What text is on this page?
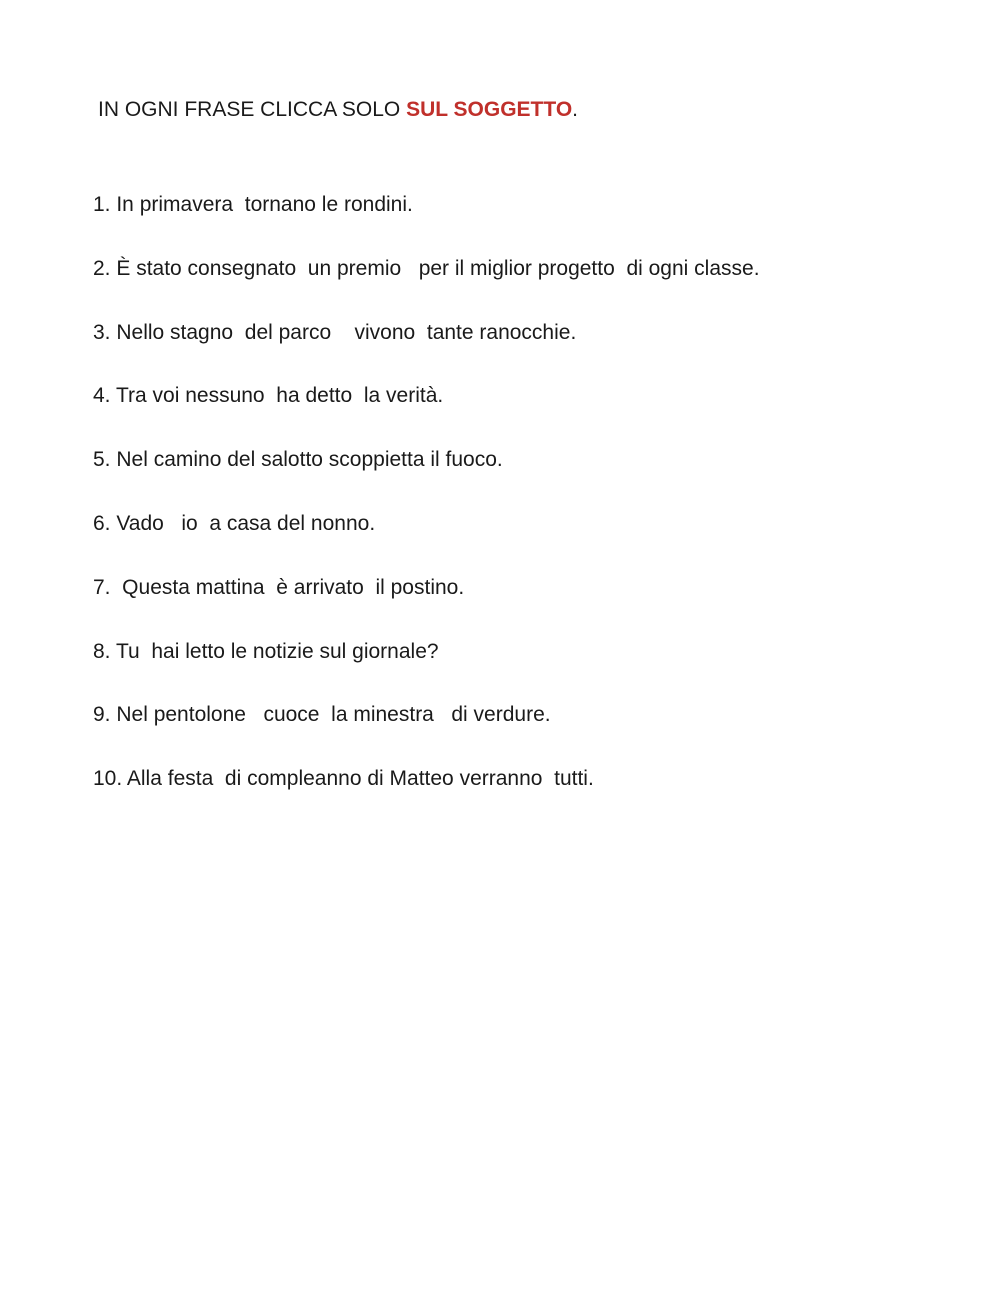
IN OGNI FRASE CLICCA SOLO SUL SOGGETTO.
1. In primavera  tornano le rondini.
2. È stato consegnato  un premio   per il miglior progetto  di ogni classe.
3. Nello stagno  del parco    vivono  tante ranocchie.
4. Tra voi nessuno  ha detto  la verità.
5. Nel camino del salotto scoppietta il fuoco.
6. Vado   io  a casa del nonno.
7.  Questa mattina  è arrivato  il postino.
8. Tu  hai letto le notizie sul giornale?
9. Nel pentolone   cuoce  la minestra   di verdure.
10. Alla festa  di compleanno di Matteo verranno  tutti.
